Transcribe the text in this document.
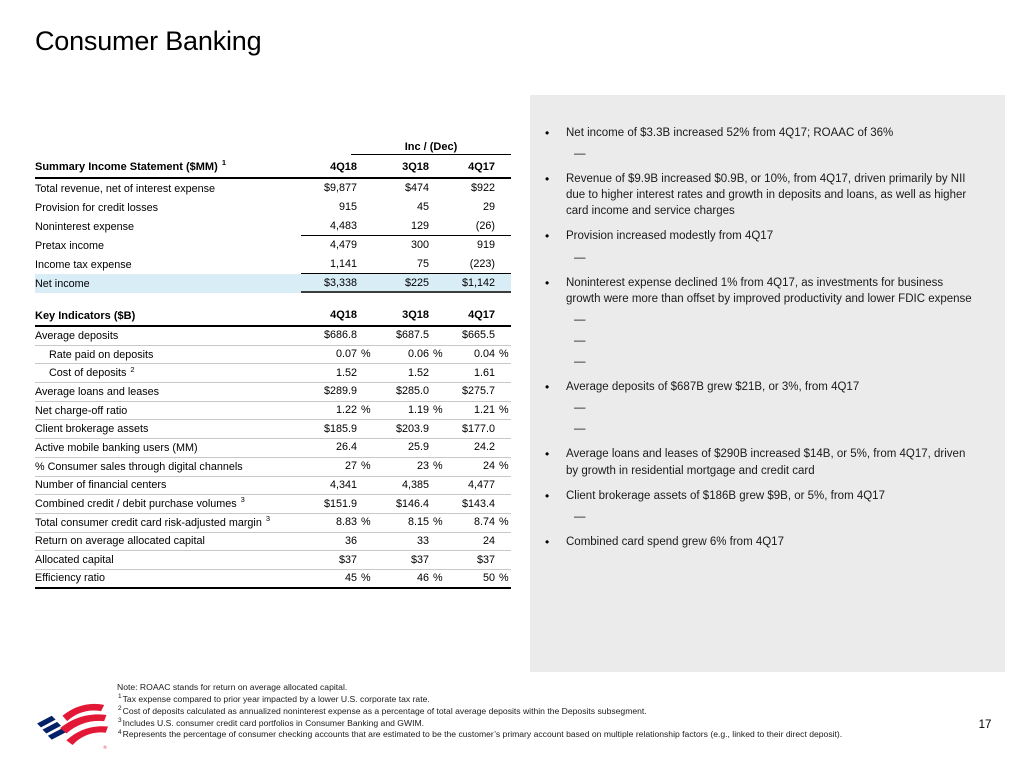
Consumer Banking
Inc / (Dec)
Summary Income Statement ($MM) $^1$	4Q18	3Q18	4Q17
Total revenue, net of interest expense	$9,877	$474	$922
Provision for credit losses	915	45	29
Noninterest expense	4,483	129	(26)
Pretax income	4,479	300	919
Income tax expense	1,141	75	(223)
Net income	$3,338	$225	$1,142
Key Indicators ($B)	4Q18	3Q18	4Q17
Average deposits	$686.8	$687.5	$665.5
Rate paid on deposits	0.07 %	0.06 %	0.04 %
Cost of deposits $^2$	1.52	1.52	1.61
Average loans and leases	$289.9	$285.0	$275.7
Net charge-off ratio	1.22 %	1.19 %	1.21 %
Client brokerage assets	$185.9	$203.9	$177.0
Active mobile banking users (MM)	26.4	25.9	24.2
% Consumer sales through digital channels	27 %	23 %	24 %
Number of financial centers	4,341	4,385	4,477
Combined credit / debit purchase volumes $^3$	$151.9	$146.4	$143.4
Total consumer credit card risk-adjusted margin $^3$	8.83 %	8.15 %	8.74 %
Return on average allocated capital	36	33	24
Allocated capital	$37	$37	$37
Efficiency ratio	45 %	46 %	50 %
•	Net income of $3.3B increased 52% from 4Q17; ROAAC of 36%
—
•	Revenue of $9.9B increased $0.9B, or 10%, from 4Q17, driven primarily by NII due to higher interest rates and growth in deposits and loans, as well as higher card income and service charges
•	Provision increased modestly from 4Q17
—
•	Noninterest expense declined 1% from 4Q17, as investments for business growth were more than offset by improved productivity and lower FDIC expense
—
—
—
•	Average deposits of $687B grew $21B, or 3%, from 4Q17
—
—
•	Average loans and leases of $290B increased $14B, or 5%, from 4Q17, driven by growth in residential mortgage and credit card
•	Client brokerage assets of $186B grew $9B, or 5%, from 4Q17
—
•	Combined card spend grew 6% from 4Q17
®
Note: ROAAC stands for return on average allocated capital.
$^1$Tax expense compared to prior year impacted by a lower U.S. corporate tax rate.
$^2$Cost of deposits calculated as annualized noninterest expense as a percentage of total average deposits within the Deposits subsegment.
$^3$Includes U.S. consumer credit card portfolios in Consumer Banking and GWIM.
$^4$Represents the percentage of consumer checking accounts that are estimated to be the customer’s primary account based on multiple relationship factors (e.g., linked to their direct deposit).
17
